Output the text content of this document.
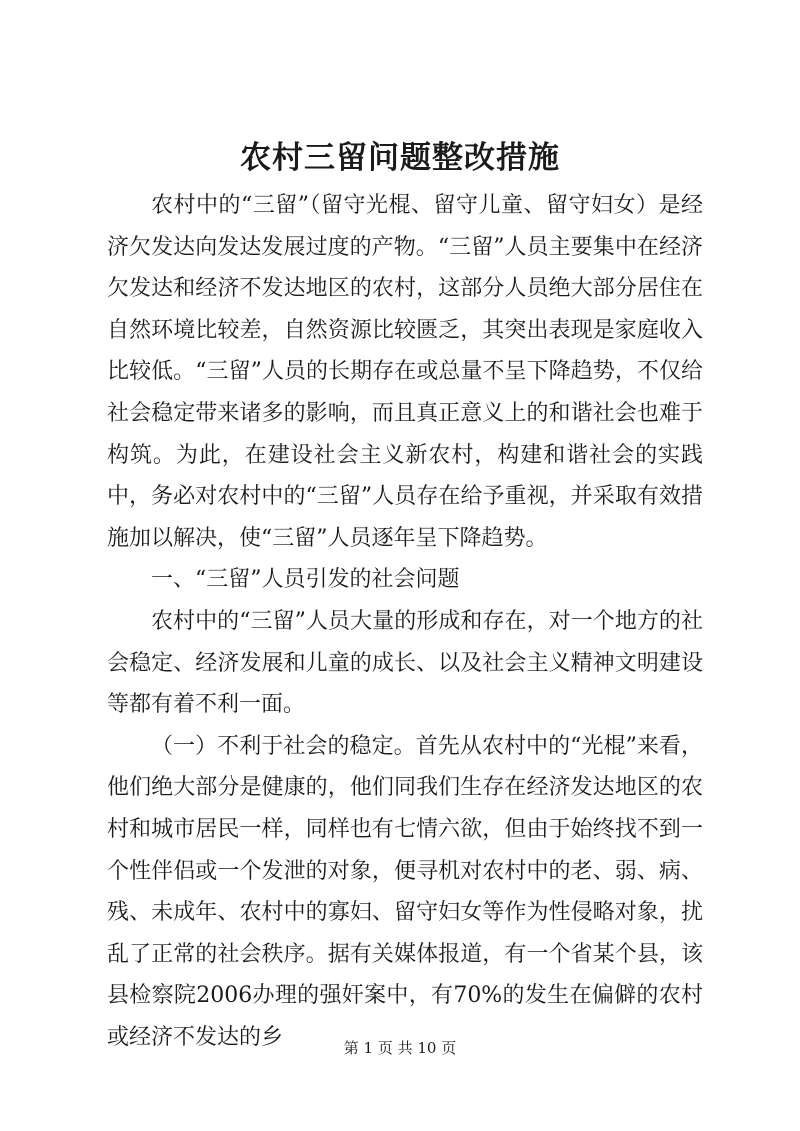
农村三留问题整改措施

农村中的“三留”（留守光棍、留守儿童、留守妇女）是经济欠发达向发达发展过度的产物。“三留”人员主要集中在经济欠发达和经济不发达地区的农村，这部分人员绝大部分居住在自然环境比较差，自然资源比较匮乏，其突出表现是家庭收入比较低。“三留”人员的长期存在或总量不呈下降趋势，不仅给社会稳定带来诸多的影响，而且真正意义上的和谐社会也难于构筑。为此，在建设社会主义新农村，构建和谐社会的实践中，务必对农村中的“三留”人员存在给予重视，并采取有效措施加以解决，使“三留”人员逐年呈下降趋势。

一、“三留”人员引发的社会问题

农村中的“三留”人员大量的形成和存在，对一个地方的社会稳定、经济发展和儿童的成长、以及社会主义精神文明建设等都有着不利一面。

（一）不利于社会的稳定。首先从农村中的“光棍”来看，他们绝大部分是健康的，他们同我们生存在经济发达地区的农村和城市居民一样，同样也有七情六欲，但由于始终找不到一个性伴侣或一个发泄的对象，便寻机对农村中的老、弱、病、残、未成年、农村中的寡妇、留守妇女等作为性侵略对象，扰乱了正常的社会秩序。据有关媒体报道，有一个省某个县，该县检察院2006办理的强奸案中，有70%的发生在偏僻的农村或经济不发达的乡	第 1 页 共 10 页
